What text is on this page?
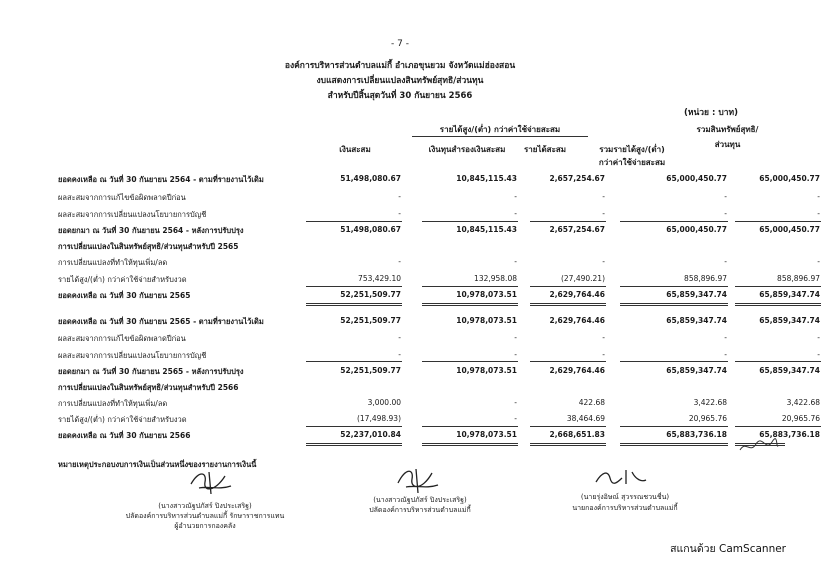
- 7 -
องค์การบริหารส่วนตำบลแม่กี้ อำเภอขุนยวม จังหวัดแม่ฮ่องสอน
งบแสดงการเปลี่ยนแปลงสินทรัพย์สุทธิ/ส่วนทุน
สำหรับปีสิ้นสุดวันที่ 30 กันยายน 2566
(หน่วย : บาท)
รายได้สูง/(ต่ำ) กว่าค่าใช้จ่ายสะสม	รวมสินทรัพย์สุทธิ/
ส่วนทุน
เงินสะสม	เงินทุนสำรองเงินสะสม	รายได้สะสม	รวมรายได้สูง/(ต่ำ)
กว่าค่าใช้จ่ายสะสม
ยอดคงเหลือ ณ วันที่ 30 กันยายน 2564 - ตามที่รายงานไว้เดิม	51,498,080.67	10,845,115.43	2,657,254.67	65,000,450.77	65,000,450.77
ผลสะสมจากการแก้ไขข้อผิดพลาดปีก่อน	-	-	-	-	-
ผลสะสมจากการเปลี่ยนแปลงนโยบายการบัญชี	-	-	-	-	-
ยอดยกมา ณ วันที่ 30 กันยายน 2564 - หลังการปรับปรุง	51,498,080.67	10,845,115.43	2,657,254.67	65,000,450.77	65,000,450.77
การเปลี่ยนแปลงในสินทรัพย์สุทธิ/ส่วนทุนสำหรับปี 2565
การเปลี่ยนแปลงที่ทำให้ทุนเพิ่ม/ลด	-	-	-	-	-
รายได้สูง/(ต่ำ) กว่าค่าใช้จ่ายสำหรับงวด	753,429.10	132,958.08	(27,490.21)	858,896.97	858,896.97
ยอดคงเหลือ ณ วันที่ 30 กันยายน 2565	52,251,509.77	10,978,073.51	2,629,764.46	65,859,347.74	65,859,347.74
ยอดคงเหลือ ณ วันที่ 30 กันยายน 2565 - ตามที่รายงานไว้เดิม	52,251,509.77	10,978,073.51	2,629,764.46	65,859,347.74	65,859,347.74
ผลสะสมจากการแก้ไขข้อผิดพลาดปีก่อน	-	-	-	-	-
ผลสะสมจากการเปลี่ยนแปลงนโยบายการบัญชี	-	-	-	-	-
ยอดยกมา ณ วันที่ 30 กันยายน 2565 - หลังการปรับปรุง	52,251,509.77	10,978,073.51	2,629,764.46	65,859,347.74	65,859,347.74
การเปลี่ยนแปลงในสินทรัพย์สุทธิ/ส่วนทุนสำหรับปี 2566
การเปลี่ยนแปลงที่ทำให้ทุนเพิ่ม/ลด	3,000.00	-	422.68	3,422.68	3,422.68
รายได้สูง/(ต่ำ) กว่าค่าใช้จ่ายสำหรับงวด	(17,498.93)	-	38,464.69	20,965.76	20,965.76
ยอดคงเหลือ ณ วันที่ 30 กันยายน 2566	52,237,010.84	10,978,073.51	2,668,651.83	65,883,736.18	65,883,736.18
หมายเหตุประกอบงบการเงินเป็นส่วนหนึ่งของรายงานการเงินนี้
(นางสาวณัฐปภัสร์ ปิงประเสริฐ)
ปลัดองค์การบริหารส่วนตำบลแม่กี้ รักษาราชการแทน
ผู้อำนวยการกองคลัง
(นางสาวณัฐปภัสร์ ปิงประเสริฐ)
ปลัดองค์การบริหารส่วนตำบลแม่กี้
(นายรุ่งอิษณ์ สุวรรณชวนชื่น)
นายกองค์การบริหารส่วนตำบลแม่กี้
สแกนด้วย CamScanner
